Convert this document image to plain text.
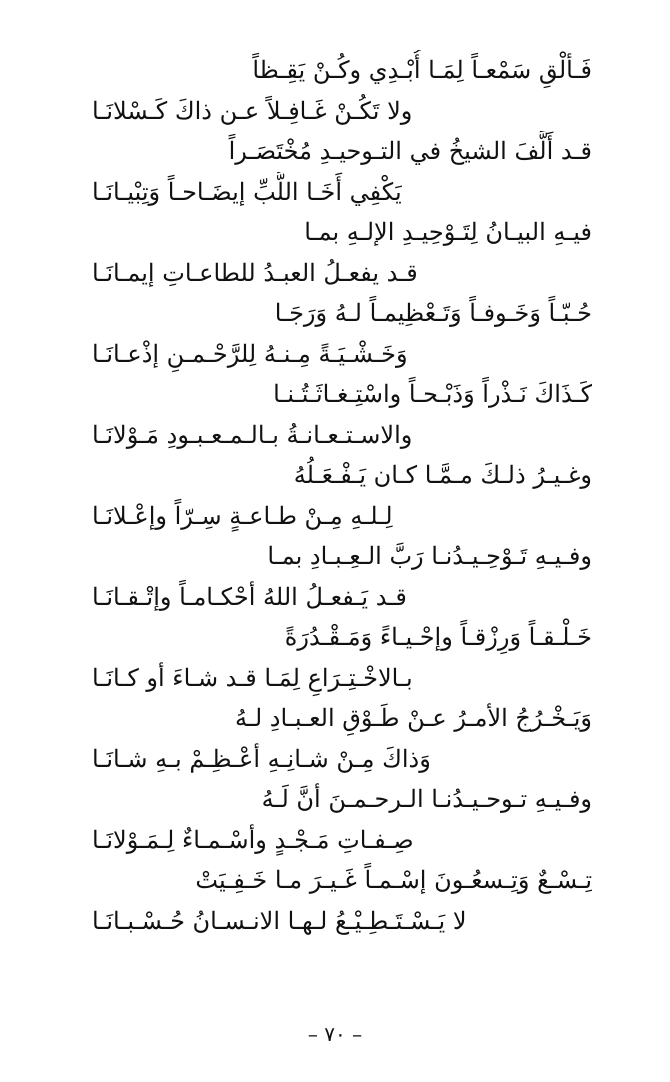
فَـألْقِ سَمْعـاً لِمَـا أُبْـدِي وكُـنْ يَقِـظاً
ولا تَكُـنْ غَـافِـلاً عـن ذاكَ كَـسْلانَـا
قـد أَلَّفَ الشيخُ في التـوحيـدِ مُخْتَصَـراً
يَكْفِي أَخَـا اللُّبِّ إيضَـاحـاً وَتِبْيـانَـا
فيـهِ البيـانُ لِتَـوْحِيـدِ الإلـهِ بمـا
قـد يفعـلُ العبـدُ للطاعـاتِ إيمـانَـا
حُـبّـاً وَخَـوفـاً وَتَـعْظِيمـاً لـهُ وَرَجَـا
وَخَـشْـيَـةً مِـنـهُ لِلرَّحْـمـنِ إذْعـانَـا
كَـذَاكَ نَـذْراً وَذَبْـحـاً واسْتِـغـاثَـتُـنـا
والاسـتـعـانـةُ بـالـمـعـبـودِ مَـوْلانَـا
وغـيـرُ ذلـكَ مـمَّـا كـان يَـفْـعَـلُهُ
لِـلـهِ مِـنْ طـاعـةٍ سِـرّاً وإعْـلانَـا
وفـيـهِ تَـوْحِـيـدُنـا رَبَّ الـعِـبـادِ بمـا
قـد يَـفعـلُ اللهُ أحْكـامـاً وإتْـقـانَـا
خَـلْـقـاً وَرِزْقـاً وإحْـيـاءً وَمَـقْـدُرَةً
بـالاخْـتِـرَاعِ لِمَـا قـد شـاءَ أو كـانَـا
وَيَـخْـرُجُ الأمـرُ عـنْ طَـوْقِ العـبـادِ لـهُ
وَذاكَ مِـنْ شـانِـهِ أعْـظِـمْ بـهِ شـانَـا
وفـيـهِ تـوحـيـدُنـا الـرحـمـنَ أنَّ لَـهُ
صِـفـاتِ مَـجْـدٍ وأسْـمـاءٌ لِـمَـوْلانَـا
تِـسْـعٌ وَتِـسعُـونَ إسْـمـاً غَـيـرَ مـا خَـفِـيَتْ
لا يَـسْـتَـطِـيْـعُ لـهـا الانـسـانُ حُـسْـبـانَـا
– ٧٠ –
